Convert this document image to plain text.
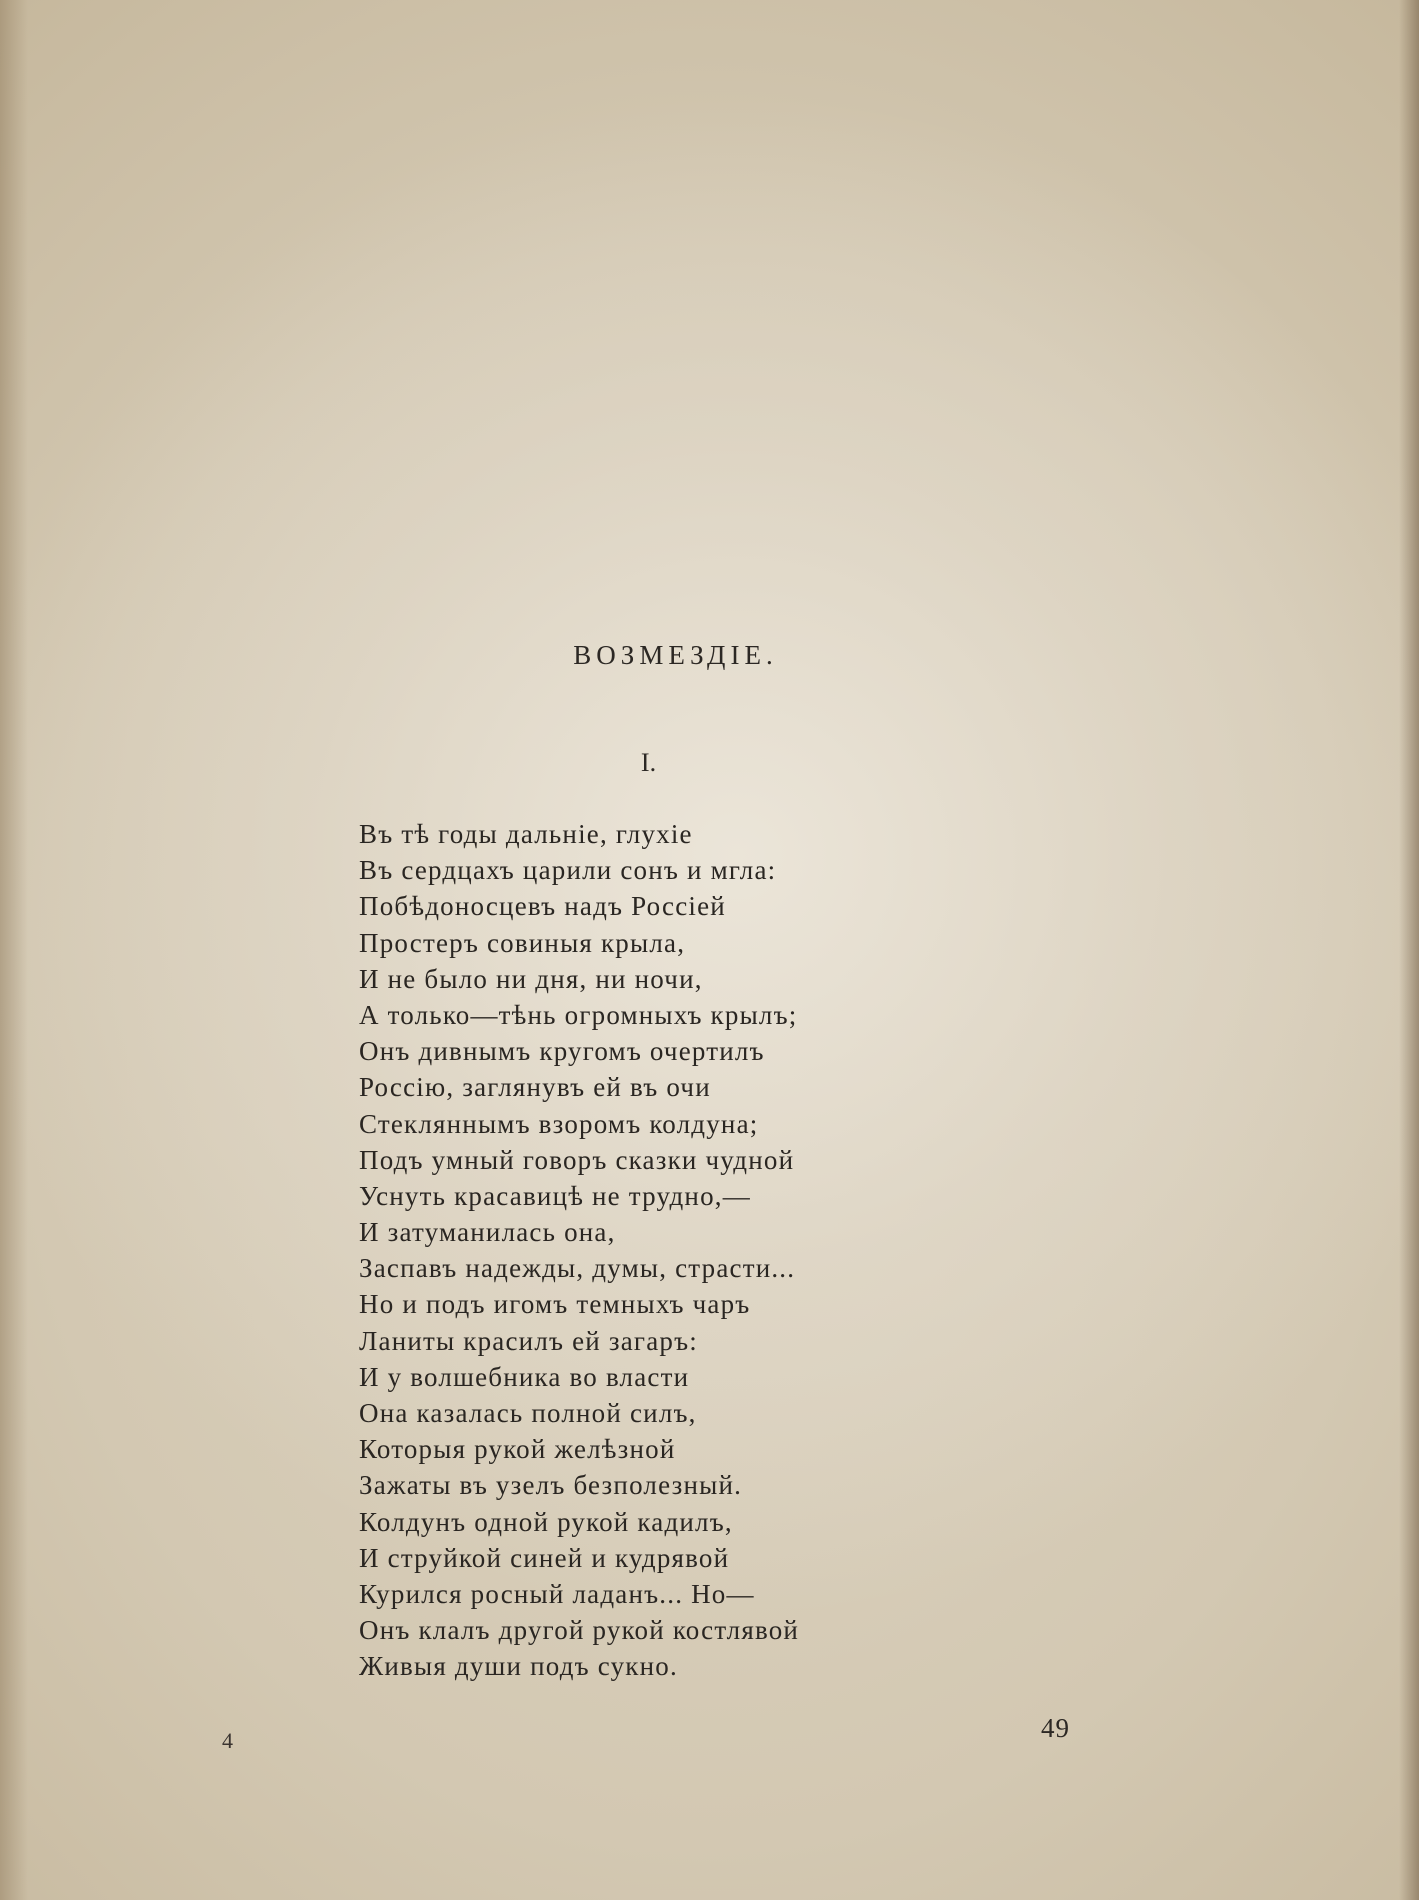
ВОЗМЕЗДІЕ.
I.
Въ тѣ годы дальніе, глухіе
Въ сердцахъ царили сонъ и мгла:
Побѣдоносцевъ надъ Россіей
Простеръ совиныя крыла,
И не было ни дня, ни ночи,
А только—тѣнь огромныхъ крылъ;
Онъ дивнымъ кругомъ очертилъ
Россію, заглянувъ ей въ очи
Стекляннымъ взоромъ колдуна;
Подъ умный говоръ сказки чудной
Уснуть красавицѣ не трудно,—
И затуманилась она,
Заспавъ надежды, думы, страсти...
Но и подъ игомъ темныхъ чаръ
Ланиты красилъ ей загаръ:
И у волшебника во власти
Она казалась полной силъ,
Которыя рукой желѣзной
Зажаты въ узелъ безполезный.
Колдунъ одной рукой кадилъ,
И струйкой синей и кудрявой
Курился росный ладанъ... Но—
Онъ клалъ другой рукой костлявой
Живыя души подъ сукно.
4	49
